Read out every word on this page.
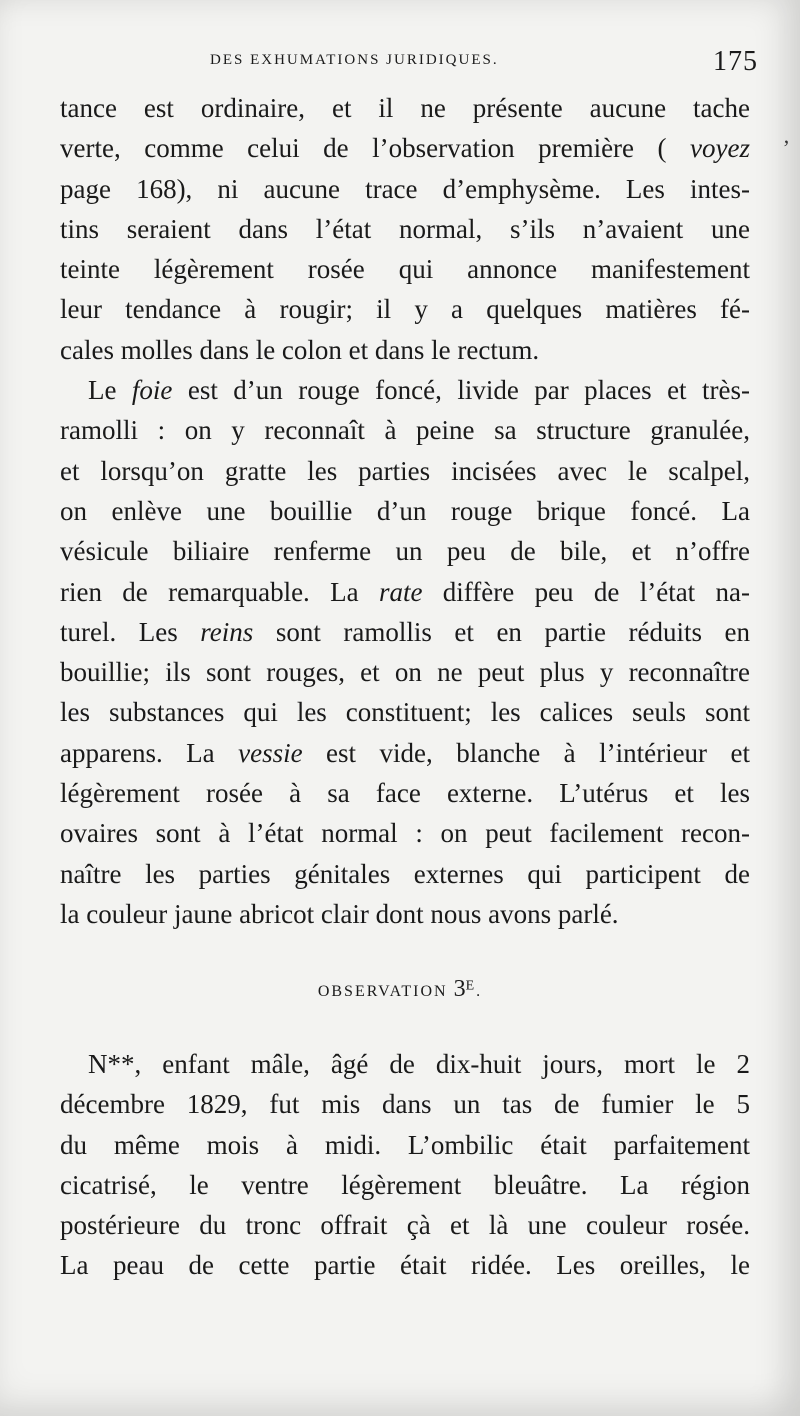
DES EXHUMATIONS JURIDIQUES.	175
’
tance est ordinaire, et il ne présente aucune tache
verte, comme celui de l’observation première ( voyez
page 168), ni aucune trace d’emphysème. Les intes-
tins seraient dans l’état normal, s’ils n’avaient une
teinte légèrement rosée qui annonce manifestement
leur tendance à rougir; il y a quelques matières fé-
cales molles dans le colon et dans le rectum.
Le foie est d’un rouge foncé, livide par places et très-
ramolli : on y reconnaît à peine sa structure granulée,
et lorsqu’on gratte les parties incisées avec le scalpel,
on enlève une bouillie d’un rouge brique foncé. La
vésicule biliaire renferme un peu de bile, et n’offre
rien de remarquable. La rate diffère peu de l’état na-
turel. Les reins sont ramollis et en partie réduits en
bouillie; ils sont rouges, et on ne peut plus y reconnaître
les substances qui les constituent; les calices seuls sont
apparens. La vessie est vide, blanche à l’intérieur et
légèrement rosée à sa face externe. L’utérus et les
ovaires sont à l’état normal : on peut facilement recon-
naître les parties génitales externes qui participent de
la couleur jaune abricot clair dont nous avons parlé.
OBSERVATION $3^E$.
N**, enfant mâle, âgé de dix-huit jours, mort le 2
décembre 1829, fut mis dans un tas de fumier le 5
du même mois à midi. L’ombilic était parfaitement
cicatrisé, le ventre légèrement bleuâtre. La région
postérieure du tronc offrait çà et là une couleur rosée.
La peau de cette partie était ridée. Les oreilles, le
